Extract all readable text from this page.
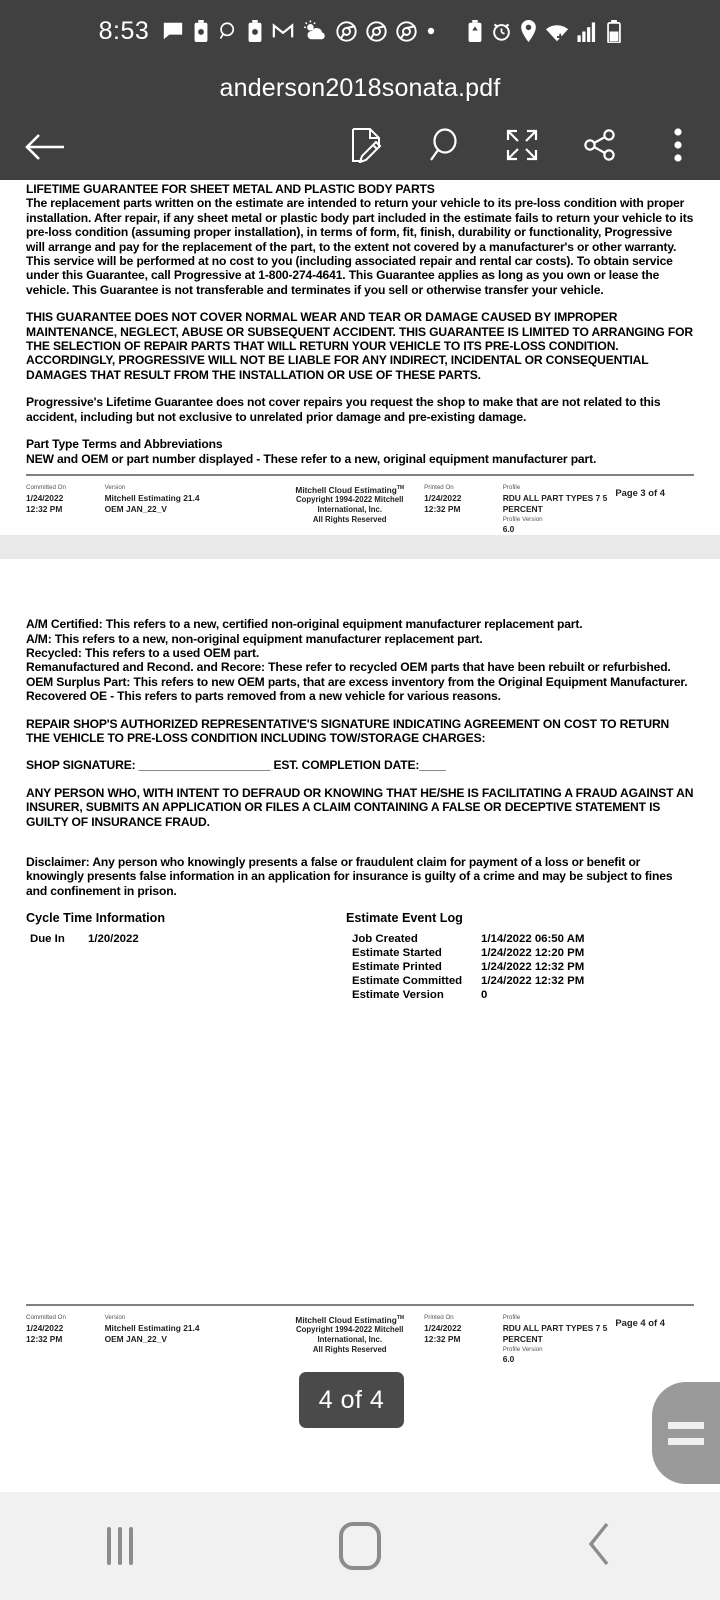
8:53
anderson2018sonata.pdf

LIFETIME GUARANTEE FOR SHEET METAL AND PLASTIC BODY PARTS

The replacement parts written on the estimate are intended to return your vehicle to its pre-loss condition with proper installation. After repair, if any sheet metal or plastic body part included in the estimate fails to return your vehicle to its pre-loss condition (assuming proper installation), in terms of form, fit, finish, durability or functionality, Progressive will arrange and pay for the replacement of the part, to the extent not covered by a manufacturer's or other warranty. This service will be performed at no cost to you (including associated repair and rental car costs). To obtain service under this Guarantee, call Progressive at 1-800-274-4641. This Guarantee applies as long as you own or lease the vehicle. This Guarantee is not transferable and terminates if you sell or otherwise transfer your vehicle.

THIS GUARANTEE DOES NOT COVER NORMAL WEAR AND TEAR OR DAMAGE CAUSED BY IMPROPER MAINTENANCE, NEGLECT, ABUSE OR SUBSEQUENT ACCIDENT. THIS GUARANTEE IS LIMITED TO ARRANGING FOR THE SELECTION OF REPAIR PARTS THAT WILL RETURN YOUR VEHICLE TO ITS PRE-LOSS CONDITION. ACCORDINGLY, PROGRESSIVE WILL NOT BE LIABLE FOR ANY INDIRECT, INCIDENTAL OR CONSEQUENTIAL DAMAGES THAT RESULT FROM THE INSTALLATION OR USE OF THESE PARTS.

Progressive's Lifetime Guarantee does not cover repairs you request the shop to make that are not related to this accident, including but not exclusive to unrelated prior damage and pre-existing damage.

Part Type Terms and Abbreviations

NEW and OEM or part number displayed - These refer to a new, original equipment manufacturer part.

Committed On
1/24/2022
12:32 PM
Version
Mitchell Estimating 21.4
OEM JAN_22_V
Mitchell Cloud Estimating™
Copyright 1994-2022 Mitchell International, Inc.
All Rights Reserved
Printed On
1/24/2022
12:32 PM
Profile
RDU ALL PART TYPES 7 5 PERCENT
Profile Version
6.0
Page 3 of 4

A/M Certified: This refers to a new, certified non-original equipment manufacturer replacement part.

A/M: This refers to a new, non-original equipment manufacturer replacement part.

Recycled: This refers to a used OEM part.

Remanufactured and Recond. and Recore: These refer to recycled OEM parts that have been rebuilt or refurbished.

OEM Surplus Part: This refers to new OEM parts, that are excess inventory from the Original Equipment Manufacturer.

Recovered OE - This refers to parts removed from a new vehicle for various reasons.

REPAIR SHOP'S AUTHORIZED REPRESENTATIVE'S SIGNATURE INDICATING AGREEMENT ON COST TO RETURN THE VEHICLE TO PRE-LOSS CONDITION INCLUDING TOW/STORAGE CHARGES:

SHOP SIGNATURE: ____________________ EST. COMPLETION DATE:____

ANY PERSON WHO, WITH INTENT TO DEFRAUD OR KNOWING THAT HE/SHE IS FACILITATING A FRAUD AGAINST AN INSURER, SUBMITS AN APPLICATION OR FILES A CLAIM CONTAINING A FALSE OR DECEPTIVE STATEMENT IS GUILTY OF INSURANCE FRAUD.

Disclaimer: Any person who knowingly presents a false or fraudulent claim for payment of a loss or benefit or knowingly presents false information in an application for insurance is guilty of a crime and may be subject to fines and confinement in prison.

Cycle Time Information
Due In	1/20/2022
Estimate Event Log
Job Created	1/14/2022 06:50 AM
Estimate Started	1/24/2022 12:20 PM
Estimate Printed	1/24/2022 12:32 PM
Estimate Committed	1/24/2022 12:32 PM
Estimate Version	0
Committed On
1/24/2022
12:32 PM
Version
Mitchell Estimating 21.4
OEM JAN_22_V
Mitchell Cloud Estimating™
Copyright 1994-2022 Mitchell International, Inc.
All Rights Reserved
Printed On
1/24/2022
12:32 PM
Profile
RDU ALL PART TYPES 7 5 PERCENT
Profile Version
6.0
Page 4 of 4
4 of 4
